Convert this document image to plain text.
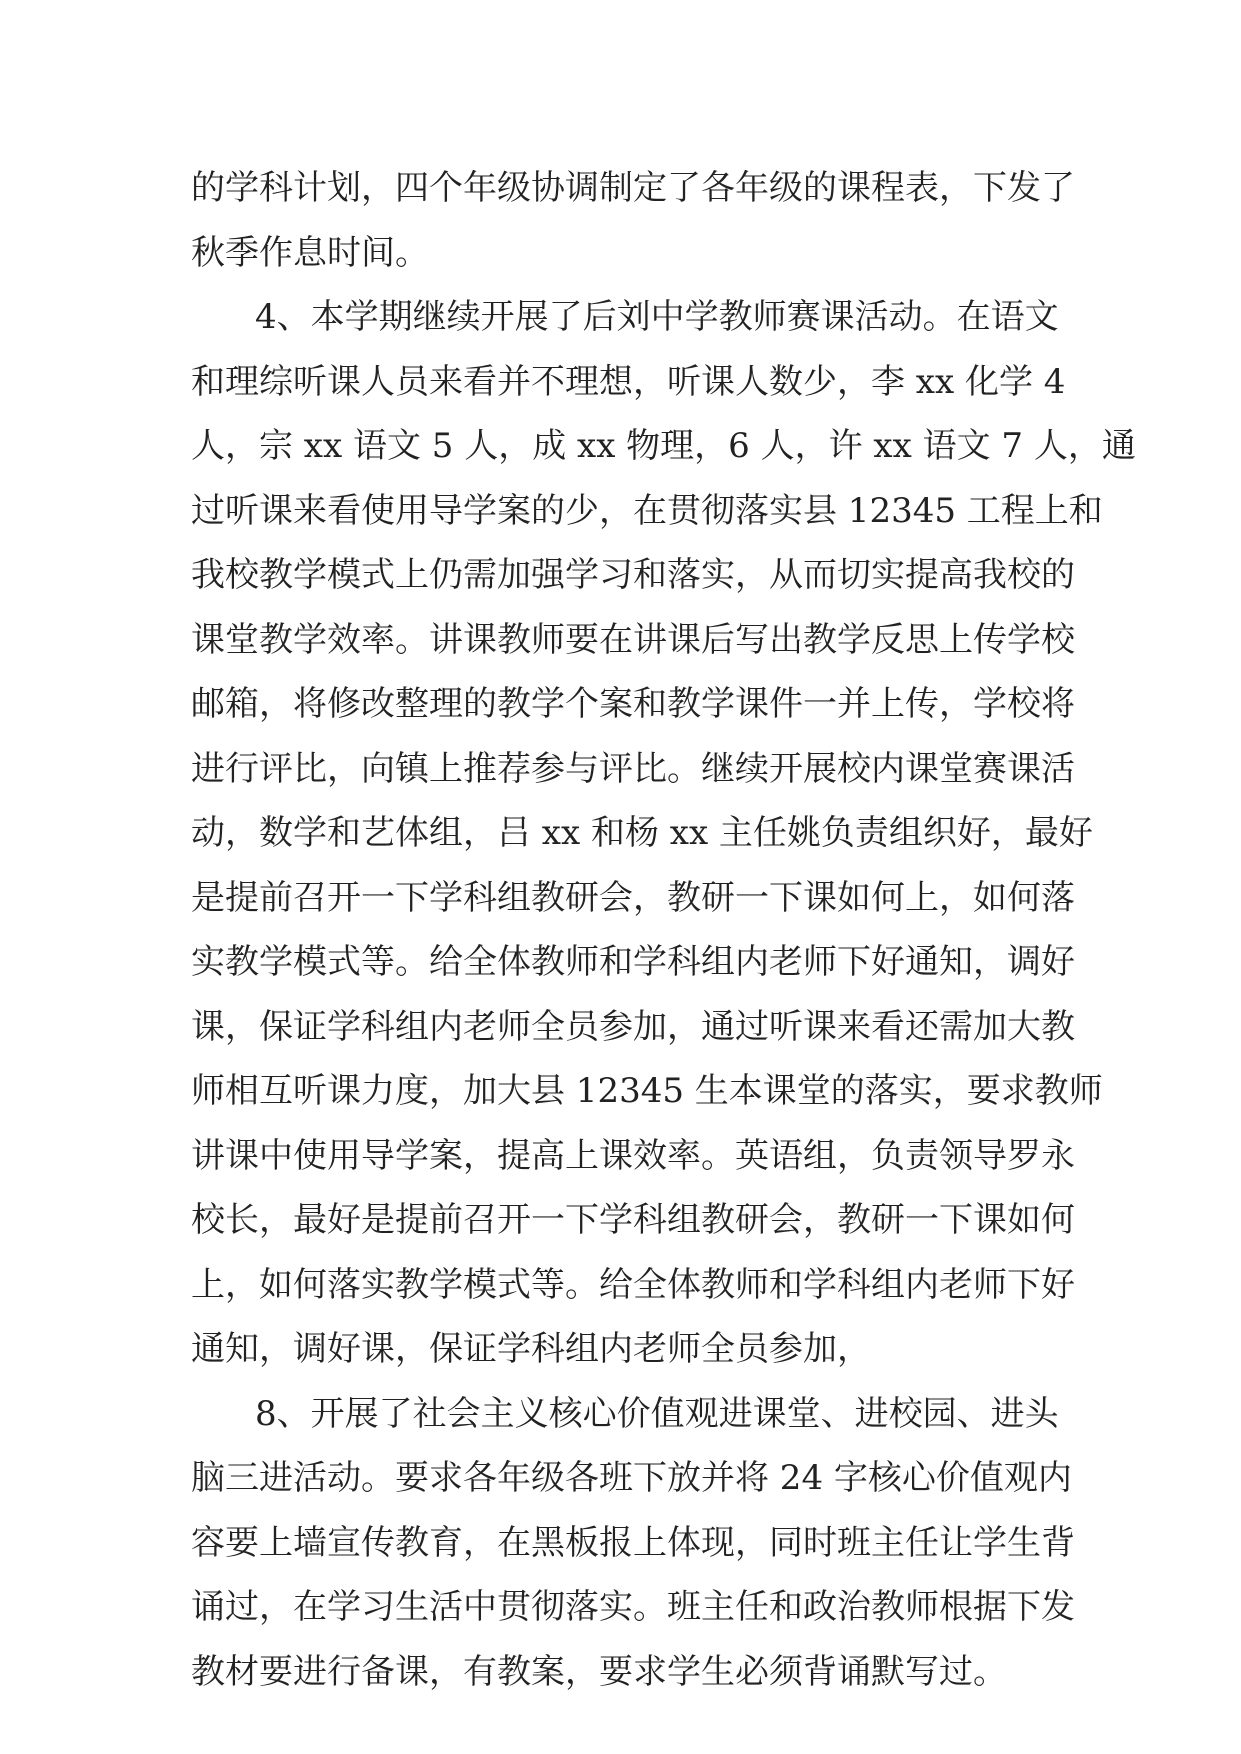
的学科计划，四个年级协调制定了各年级的课程表，下发了
秋季作息时间。
4、本学期继续开展了后刘中学教师赛课活动。在语文
和理综听课人员来看并不理想，听课人数少，李 xx 化学 4
人，宗 xx 语文 5 人，成 xx 物理，6 人，许 xx 语文 7 人，通
过听课来看使用导学案的少，在贯彻落实县 12345 工程上和
我校教学模式上仍需加强学习和落实，从而切实提高我校的
课堂教学效率。讲课教师要在讲课后写出教学反思上传学校
邮箱，将修改整理的教学个案和教学课件一并上传，学校将
进行评比，向镇上推荐参与评比。继续开展校内课堂赛课活
动，数学和艺体组，吕 xx 和杨 xx 主任姚负责组织好，最好
是提前召开一下学科组教研会，教研一下课如何上，如何落
实教学模式等。给全体教师和学科组内老师下好通知，调好
课，保证学科组内老师全员参加，通过听课来看还需加大教
师相互听课力度，加大县 12345 生本课堂的落实，要求教师
讲课中使用导学案，提高上课效率。英语组，负责领导罗永
校长，最好是提前召开一下学科组教研会，教研一下课如何
上，如何落实教学模式等。给全体教师和学科组内老师下好
通知，调好课，保证学科组内老师全员参加，
8、开展了社会主义核心价值观进课堂、进校园、进头
脑三进活动。要求各年级各班下放并将 24 字核心价值观内
容要上墙宣传教育，在黑板报上体现，同时班主任让学生背
诵过，在学习生活中贯彻落实。班主任和政治教师根据下发
教材要进行备课，有教案，要求学生必须背诵默写过。
